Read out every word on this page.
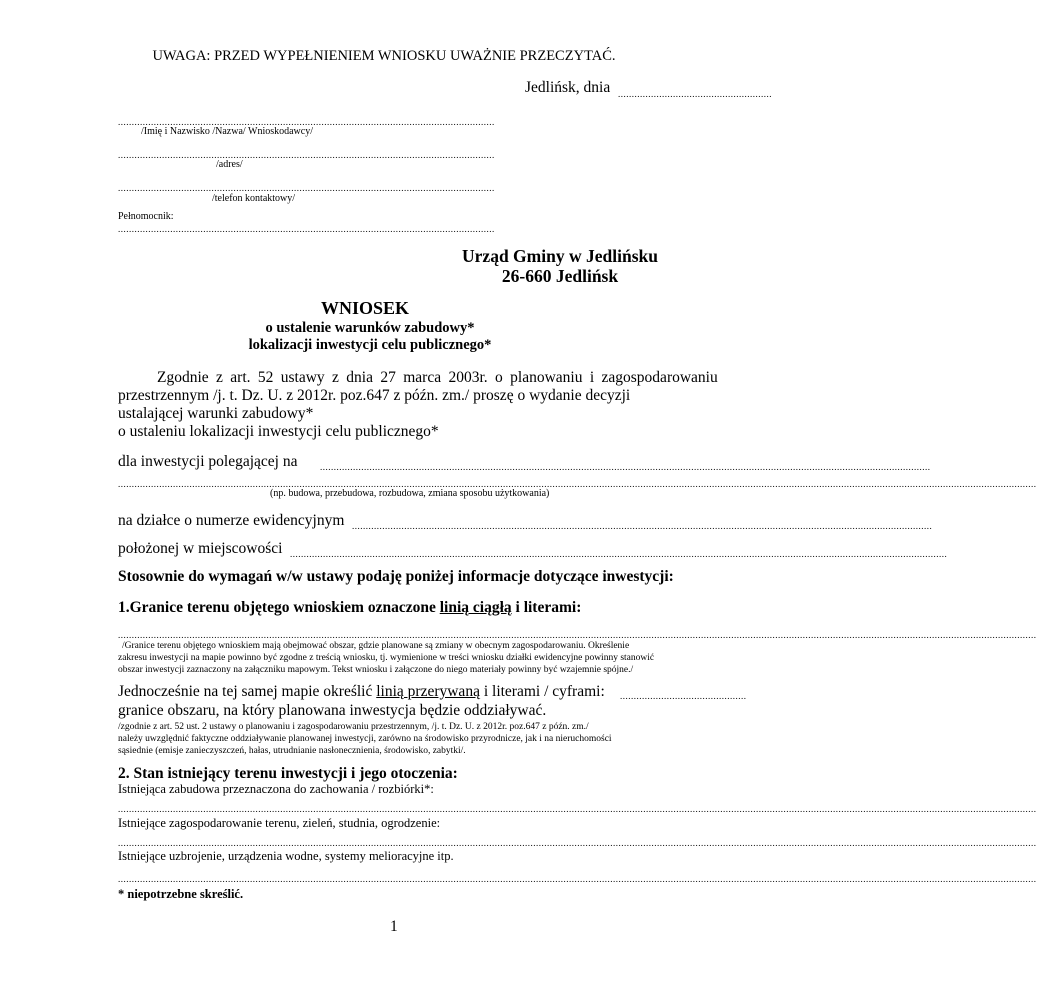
UWAGA: PRZED WYPEŁNIENIEM WNIOSKU UWAŻNIE PRZECZYTAĆ.
Jedlińsk, dnia ........................................................
.........................................................................................................................................
/Imię i Nazwisko /Nazwa/ Wnioskodawcy/
.........................................................................................................................................
/adres/
.........................................................................................................................................
/telefon kontaktowy/
Pełnomocnik:
.........................................................................................................................................
Urząd Gminy w Jedlińsku
26-660 Jedlińsk
WNIOSEK
o ustalenie warunków zabudowy*
lokalizacji inwestycji celu publicznego*
Zgodnie z art. 52 ustawy z dnia 27 marca 2003r. o planowaniu i zagospodarowaniu
przestrzennym /j. t. Dz. U. z 2012r. poz.647 z późn. zm./ proszę o wydanie decyzji
ustalającej warunki zabudowy*
o ustaleniu lokalizacji inwestycji celu publicznego*
dla inwestycji polegającej na	..............................................................................................................................................................................................................................
..............................................................................................................................................................................................................................................................................................................................................
(np. budowa, przebudowa, rozbudowa, zmiana sposobu użytkowania)
na działce o numerze ewidencyjnym ...................................................................................................................................................................................................................
położonej w miejscowości ...............................................................................................................................................................................................................................................
Stosownie do wymagań w/w ustawy podaję poniżej informacje dotyczące inwestycji:
1.Granice terenu objętego wnioskiem oznaczone linią ciągłą i literami:
..............................................................................................................................................................................................................................................................................................................................................
/Granice terenu objętego wnioskiem mają obejmować obszar, gdzie planowane są zmiany w obecnym zagospodarowaniu. Określenie
zakresu inwestycji na mapie powinno być zgodne z treścią wniosku, tj. wymienione w treści wniosku działki ewidencyjne powinny stanowić
obszar inwestycji zaznaczony na załączniku mapowym. Tekst wniosku i załączone do niego materiały powinny być wzajemnie spójne./
Jednocześnie na tej samej mapie określić linią przerywaną i literami / cyframi: ..............................................
granice obszaru, na który planowana inwestycja będzie oddziaływać.
/zgodnie z art. 52 ust. 2 ustawy o planowaniu i zagospodarowaniu przestrzennym, /j. t. Dz. U. z 2012r. poz.647 z późn. zm./
należy uwzględnić faktyczne oddziaływanie planowanej inwestycji, zarówno na środowisko przyrodnicze, jak i na nieruchomości
sąsiednie (emisje zanieczyszczeń, hałas, utrudnianie nasłonecznienia, środowisko, zabytki/.
2. Stan istniejący terenu inwestycji i jego otoczenia:
Istniejąca zabudowa przeznaczona do zachowania / rozbiórki*:
..............................................................................................................................................................................................................................................................................................................................................
Istniejące zagospodarowanie terenu, zieleń, studnia, ogrodzenie:
..............................................................................................................................................................................................................................................................................................................................................
Istniejące uzbrojenie, urządzenia wodne, systemy melioracyjne itp.
..............................................................................................................................................................................................................................................................................................................................................
* niepotrzebne skreślić.
1
